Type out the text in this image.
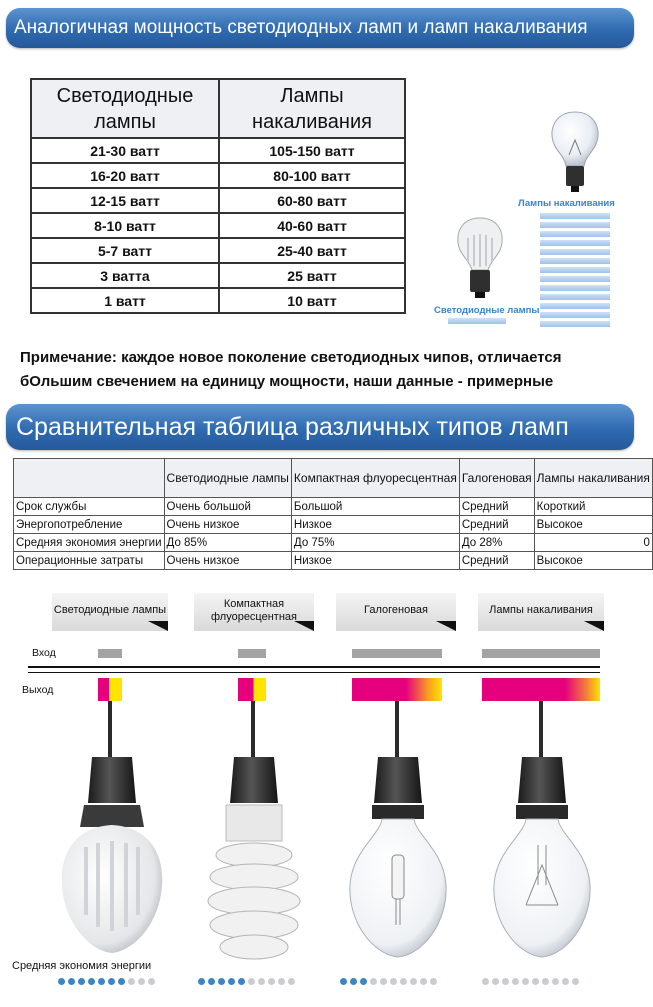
Аналогичная мощность светодиодных ламп и ламп накаливания
Светодиодные лампы	Лампы накаливания
21-30 ватт	105-150 ватт
16-20 ватт	80-100 ватт
12-15 ватт	60-80 ватт
8-10 ватт	40-60 ватт
5-7 ватт	25-40 ватт
3 ватта	25 ватт
1 ватт	10 ватт
Лампы накаливания
Светодиодные лампы
Примечание: каждое новое поколение светодиодных чипов, отличается бОльшим свечением на единицу мощности, наши данные - примерные
Сравнительная таблица различных типов ламп
	Светодиодные лампы	Компактная флуоресцентная	Галогеновая	Лампы накаливания
Срок службы	Очень большой	Большой	Средний	Короткий
Энергопотребление	Очень низкое	Низкое	Средний	Высокое
Средняя экономия энергии	До 85%	До 75%	До 28%	0
Операционные затраты	Очень низкое	Низкое	Средний	Высокое
Светодиодные лампы	Компактная флуоресцентная
Галогеновая	Лампы накаливания
Вход
Выход
Средняя экономия энергии
